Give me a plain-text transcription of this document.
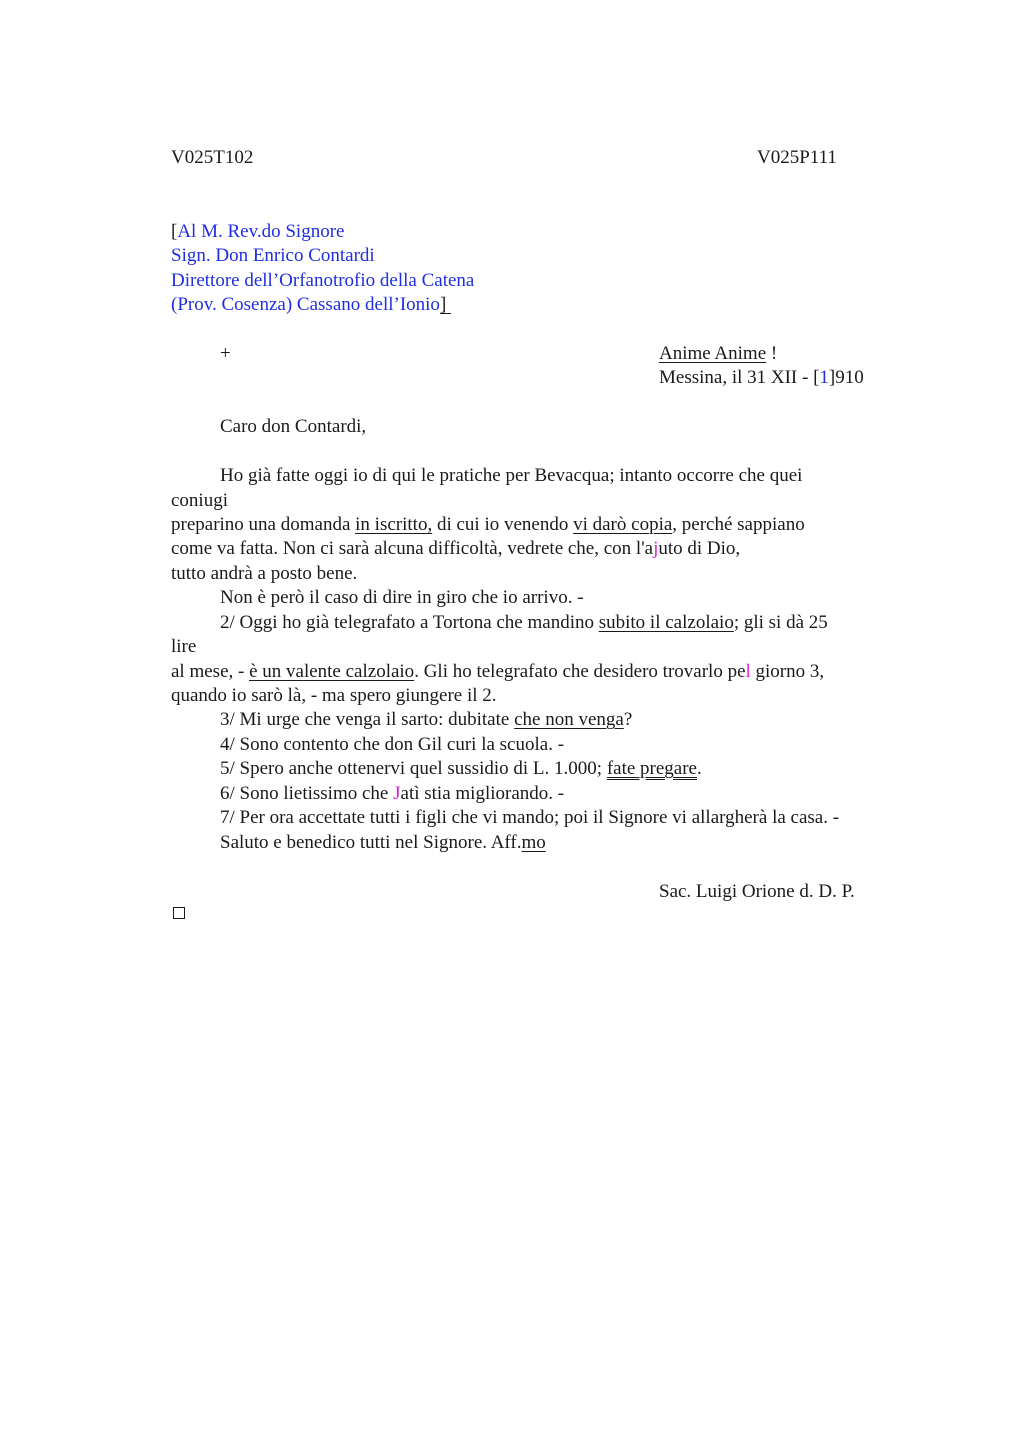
V025T102	V025P111
[Al M. Rev.do Signore
Sign. Don Enrico Contardi
Direttore dell’Orfanotrofio della Catena
(Prov. Cosenza) Cassano dell’Ionio]
+	Anime Anime !
Messina, il 31 XII - [1]910
Caro don Contardi,
Ho già fatte oggi io di qui le pratiche per Bevacqua; intanto occorre che quei
coniugi
preparino una domanda in iscritto, di cui io venendo vi darò copia, perché sappiano
come va fatta. Non ci sarà alcuna difficoltà, vedrete che, con l'ajuto di Dio,
tutto andrà a posto bene.
Non è però il caso di dire in giro che io arrivo. -
2/ Oggi ho già telegrafato a Tortona che mandino subito il calzolaio; gli si dà 25
lire
al mese, - è un valente calzolaio. Gli ho telegrafato che desidero trovarlo pel giorno 3,
quando io sarò là, - ma spero giungere il 2.
3/ Mi urge che venga il sarto: dubitate che non venga?
4/ Sono contento che don Gil curi la scuola. -
5/ Spero anche ottenervi quel sussidio di L. 1.000; fate pregare.
6/ Sono lietissimo che Jatì stia migliorando. -
7/ Per ora accettate tutti i figli che vi mando; poi il Signore vi allargherà la casa. -
Saluto e benedico tutti nel Signore. Aff.mo
Sac. Luigi Orione d. D. P.
